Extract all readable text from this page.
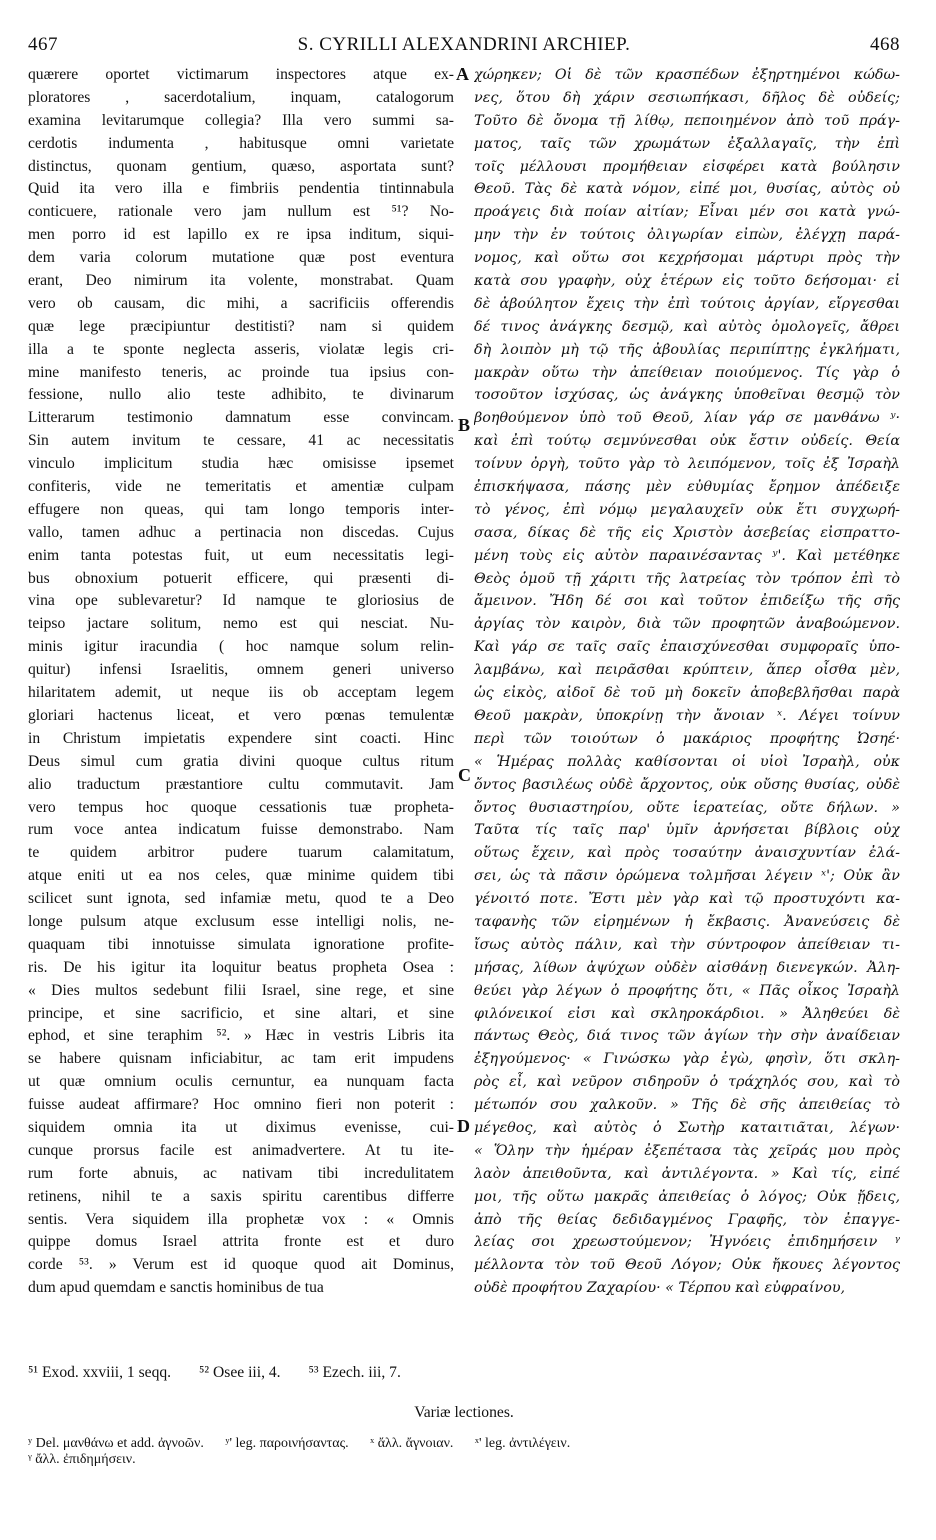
467	S. CYRILLI ALEXANDRINI ARCHIEP.	468
quærere oportet victimarum inspectores atque ex-
ploratores , sacerdotalium, inquam, catalogorum
examina levitarumque collegia? Illa vero summi sa-
cerdotis indumenta , habitusque omni varietate
distinctus, quonam gentium, quæso, asportata sunt?
Quid ita vero illa e fimbriis pendentia tintinnabula
conticuere, rationale vero jam nullum est ⁵¹? No-
men porro id est lapillo ex re ipsa inditum, siqui-
dem varia colorum mutatione quæ post eventura
erant, Deo nimirum ita volente, monstrabat. Quam
vero ob causam, dic mihi, a sacrificiis offerendis
quæ lege præcipiuntur destitisti? nam si quidem
illa a te sponte neglecta asseris, violatæ legis cri-
mine manifesto teneris, ac proinde tua ipsius con-
fessione, nullo alio teste adhibito, te divinarum
Litterarum testimonio damnatum esse convincam.
Sin autem invitum te cessare, 41 ac necessitatis
vinculo implicitum studia hæc omisisse ipsemet
confiteris, vide ne temeritatis et amentiæ culpam
effugere non queas, qui tam longo temporis inter-
vallo, tamen adhuc a pertinacia non discedas. Cujus
enim tanta potestas fuit, ut eum necessitatis legi-
bus obnoxium potuerit efficere, qui præsenti di-
vina ope sublevaretur? Id namque te gloriosius de
teipso jactare solitum, nemo est qui nesciat. Nu-
minis igitur iracundia ( hoc namque solum relin-
quitur) infensi Israelitis, omnem generi universo
hilaritatem ademit, ut neque iis ob acceptam legem
gloriari hactenus liceat, et vero pœnas temulentæ
in Christum impietatis expendere sint coacti. Hinc
Deus simul cum gratia divini quoque cultus ritum
alio traductum præstantiore cultu commutavit. Jam
vero tempus hoc quoque cessationis tuæ propheta-
rum voce antea indicatum fuisse demonstrabo. Nam
te quidem arbitror pudere tuarum calamitatum,
atque eniti ut ea nos celes, quæ minime quidem tibi
scilicet sunt ignota, sed infamiæ metu, quod te a Deo
longe pulsum atque exclusum esse intelligi nolis, ne-
quaquam tibi innotuisse simulata ignoratione profite-
ris. De his igitur ita loquitur beatus propheta Osea :
« Dies multos sedebunt filii Israel, sine rege, et sine
principe, et sine sacrificio, et sine altari, et sine
ephod, et sine teraphim ⁵². » Hæc in vestris Libris ita
se habere quisnam inficiabitur, ac tam erit impudens
ut quæ omnium oculis cernuntur, ea nunquam facta
fuisse audeat affirmare? Hoc omnino fieri non poterit :
siquidem omnia ita ut diximus evenisse, cui-
cunque prorsus facile est animadvertere. At tu ite-
rum forte abnuis, ac nativam tibi incredulitatem
retinens, nihil te a saxis spiritu carentibus differre
sentis. Vera siquidem illa prophetæ vox : « Omnis
quippe domus Israel attrita fronte est et duro
corde ⁵³. » Verum est id quoque quod ait Dominus,
dum apud quemdam e sanctis hominibus de tua
χώρηκεν; Οἱ δὲ τῶν κρασπέδων ἐξηρτημένοι κώδω-
νες, ὅτου δὴ χάριν σεσιωπήκασι, δῆλος δὲ οὐδείς;
Τοῦτο δὲ ὄνομα τῇ λίθῳ, πεποιημένον ἀπὸ τοῦ πράγ-
ματος, ταῖς τῶν χρωμάτων ἐξαλλαγαῖς, τὴν ἐπὶ
τοῖς μέλλουσι προμήθειαν εἰσφέρει κατὰ βούλησιν
Θεοῦ. Τὰς δὲ κατὰ νόμον, εἰπέ μοι, θυσίας, αὐτὸς οὐ
προάγεις διὰ ποίαν αἰτίαν; Εἶναι μέν σοι κατὰ γνώ-
μην τὴν ἐν τούτοις ὀλιγωρίαν εἰπὼν, ἐλέγχῃ παρά-
νομος, καὶ οὕτω σοι κεχρήσομαι μάρτυρι πρὸς τὴν
κατὰ σου γραφὴν, οὐχ ἑτέρων εἰς τοῦτο δεήσομαι· εἰ
δὲ ἀβούλητον ἔχεις τὴν ἐπὶ τούτοις ἀργίαν, εἴργεσθαι
δέ τινος ἀνάγκης δεσμῷ, καὶ αὐτὸς ὁμολογεῖς, ἄθρει
δὴ λοιπὸν μὴ τῷ τῆς ἀβουλίας περιπίπτῃς ἐγκλήματι,
μακρὰν οὕτω τὴν ἀπείθειαν ποιούμενος. Τίς γὰρ ὁ
τοσοῦτον ἰσχύσας, ὡς ἀνάγκης ὑποθεῖναι θεσμῷ τὸν
βοηθούμενον ὑπὸ τοῦ Θεοῦ, λίαν γάρ σε μανθάνω ʸ·
καὶ ἐπὶ τούτῳ σεμνύνεσθαι οὐκ ἔστιν οὐδείς. Θεία
τοίνυν ὀργὴ, τοῦτο γὰρ τὸ λειπόμενον, τοῖς ἐξ Ἰσραὴλ
ἐπισκήψασα, πάσης μὲν εὐθυμίας ἔρημον ἀπέδειξε
τὸ γένος, ἐπὶ νόμῳ μεγαλαυχεῖν οὐκ ἔτι συγχωρή-
σασα, δίκας δὲ τῆς εἰς Χριστὸν ἀσεβείας εἰσπραττο-
μένη τοὺς εἰς αὐτὸν παραινέσαντας ʸ'. Καὶ μετέθηκε
Θεὸς ὁμοῦ τῇ χάριτι τῆς λατρείας τὸν τρόπον ἐπὶ τὸ
ἄμεινον. Ἤδη δέ σοι καὶ τοῦτον ἐπιδείξω τῆς σῆς
ἀργίας τὸν καιρὸν, διὰ τῶν προφητῶν ἀναβοώμενον.
Καὶ γάρ σε ταῖς σαῖς ἐπαισχύνεσθαι συμφοραῖς ὑπο-
λαμβάνω, καὶ πειρᾶσθαι κρύπτειν, ἅπερ οἶσθα μὲν,
ὡς εἰκὸς, αἰδοῖ δὲ τοῦ μὴ δοκεῖν ἀποβεβλῆσθαι παρὰ
Θεοῦ μακρὰν, ὑποκρίνῃ τὴν ἄνοιαν ˣ. Λέγει τοίνυν
περὶ τῶν τοιούτων ὁ μακάριος προφήτης Ὠσηέ·
« Ἡμέρας πολλὰς καθίσονται οἱ υἱοὶ Ἰσραὴλ, οὐκ
ὄντος βασιλέως οὐδὲ ἄρχοντος, οὐκ οὔσης θυσίας, οὐδὲ
ὄντος θυσιαστηρίου, οὔτε ἱερατείας, οὔτε δήλων. »
Ταῦτα τίς ταῖς παρ' ὑμῖν ἀρνήσεται βίβλοις οὐχ
οὕτως ἔχειν, καὶ πρὸς τοσαύτην ἀναισχυντίαν ἐλά-
σει, ὡς τὰ πᾶσιν ὁρώμενα τολμῆσαι λέγειν ˣ'; Οὐκ ἂν
γένοιτό ποτε. Ἔστι μὲν γὰρ καὶ τῷ προστυχόντι κα-
ταφανὴς τῶν εἰρημένων ἡ ἔκβασις. Ἀνανεύσεις δὲ
ἴσως αὐτὸς πάλιν, καὶ τὴν σύντροφον ἀπείθειαν τι-
μήσας, λίθων ἀψύχων οὐδὲν αἰσθάνῃ διενεγκών. Ἀλη-
θεύει γὰρ λέγων ὁ προφήτης ὅτι, « Πᾶς οἶκος Ἰσραὴλ
φιλόνεικοί εἰσι καὶ σκληροκάρδιοι. » Ἀληθεύει δὲ
πάντως Θεὸς, διά τινος τῶν ἁγίων τὴν σὴν ἀναίδειαν
ἐξηγούμενος· « Γινώσκω γὰρ ἐγὼ, φησὶν, ὅτι σκλη-
ρὸς εἶ, καὶ νεῦρον σιδηροῦν ὁ τράχηλός σου, καὶ τὸ
μέτωπόν σου χαλκοῦν. » Τῆς δὲ σῆς ἀπειθείας τὸ
μέγεθος, καὶ αὐτὸς ὁ Σωτὴρ καταιτιᾶται, λέγων·
« Ὅλην τὴν ἡμέραν ἐξεπέτασα τὰς χεῖράς μου πρὸς
λαὸν ἀπειθοῦντα, καὶ ἀντιλέγοντα. » Καὶ τίς, εἰπέ
μοι, τῆς οὕτω μακρᾶς ἀπειθείας ὁ λόγος; Οὐκ ᾔδεις,
ἀπὸ τῆς θείας δεδιδαγμένος Γραφῆς, τὸν ἐπαγγε-
λείας σοι χρεωστούμενον; Ἠγνόεις ἐπιδημήσειν ᵞ
μέλλοντα τὸν τοῦ Θεοῦ Λόγον; Οὐκ ἤκουες λέγοντος
οὐδὲ προφήτου Ζαχαρίου· « Τέρπου καὶ εὐφραίνου,
A
B
C
D
⁵¹ Exod. xxviii, 1 seqq. ⁵² Osee iii, 4. ⁵³ Ezech. iii, 7.
Variæ lectiones.
ʸ Del. μανθάνω et add. ἀγνοῶν. ʸ' leg. παροινήσαντας. ˣ ἄλλ. ἄγνοιαν. ˣ' leg. ἀντιλέγειν.
ᵞ ἄλλ. ἐπιδημήσειν.
